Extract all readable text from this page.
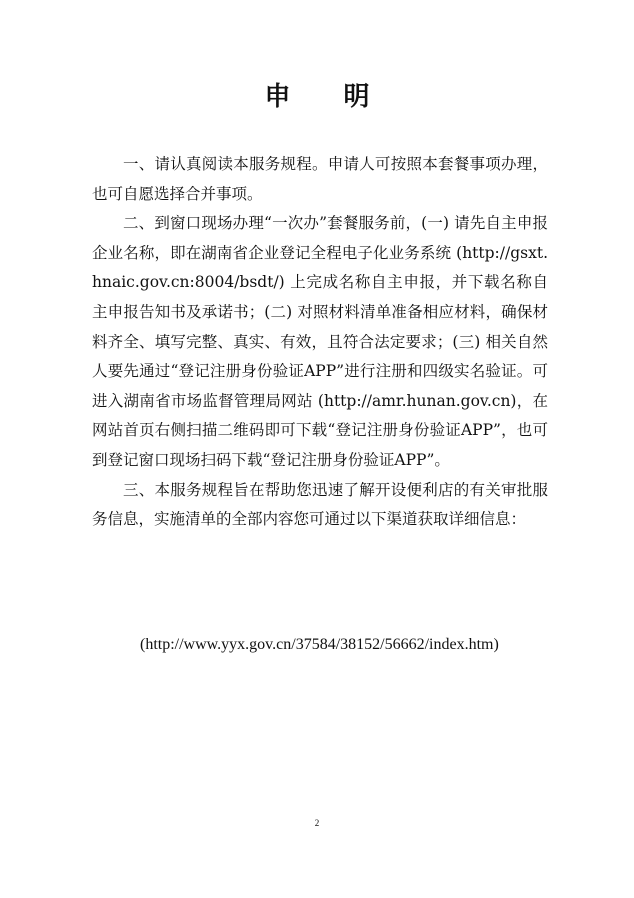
申 明

一、请认真阅读本服务规程。申请人可按照本套餐事项办理，也可自愿选择合并事项。

二、到窗口现场办理“一次办”套餐服务前，(一) 请先自主申报企业名称，即在湖南省企业登记全程电子化业务系统 (http://gsxt.hnaic.gov.cn:8004/bsdt/) 上完成名称自主申报，并下载名称自主申报告知书及承诺书；(二) 对照材料清单准备相应材料，确保材料齐全、填写完整、真实、有效，且符合法定要求；(三) 相关自然人要先通过“登记注册身份验证APP”进行注册和四级实名验证。可进入湖南省市场监督管理局网站 (http://amr.hunan.gov.cn)，在网站首页右侧扫描二维码即可下载“登记注册身份验证APP”，也可到登记窗口现场扫码下载“登记注册身份验证APP”。

三、本服务规程旨在帮助您迅速了解开设便利店的有关审批服务信息，实施清单的全部内容您可通过以下渠道获取详细信息：

(http://www.yyx.gov.cn/37584/38152/56662/index.htm)
2
